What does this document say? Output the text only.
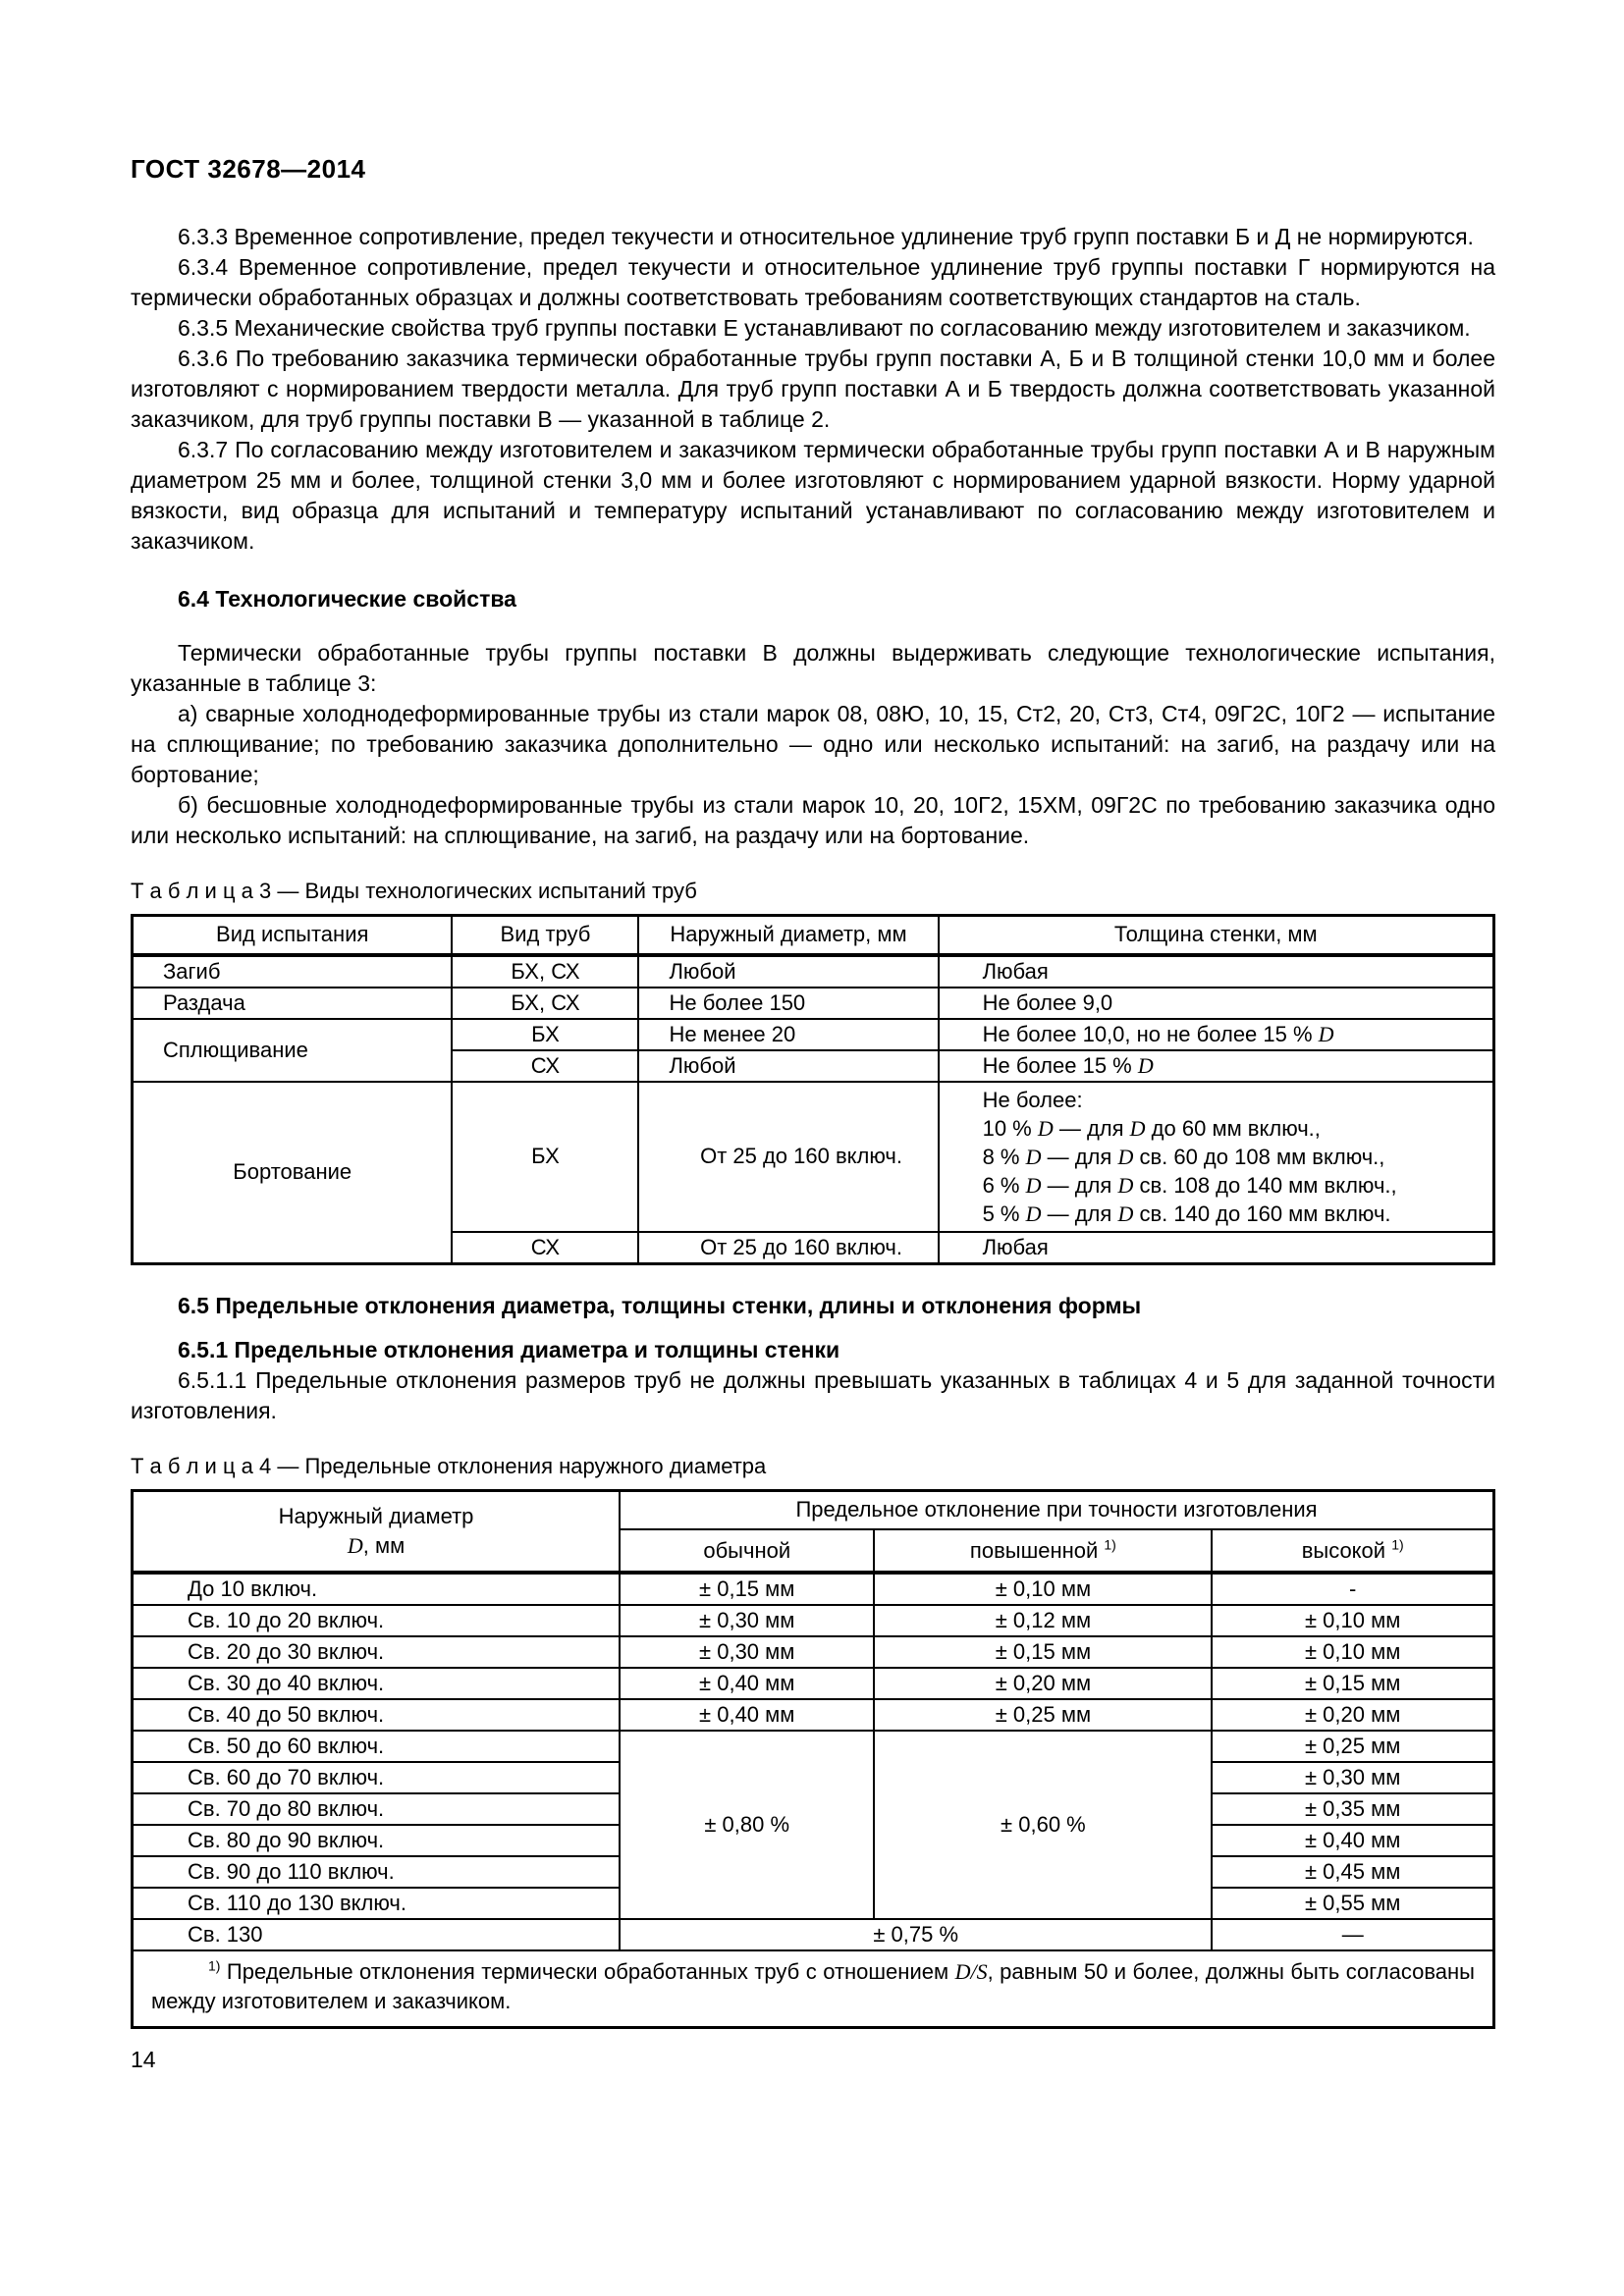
ГОСТ 32678—2014

6.3.3 Временное сопротивление, предел текучести и относительное удлинение труб групп поставки Б и Д не нормируются.

6.3.4 Временное сопротивление, предел текучести и относительное удлинение труб группы поставки Г нормируются на термически обработанных образцах и должны соответствовать требованиям соответствующих стандартов на сталь.

6.3.5 Механические свойства труб группы поставки Е устанавливают по согласованию между изготовителем и заказчиком.

6.3.6 По требованию заказчика термически обработанные трубы групп поставки А, Б и В толщиной стенки 10,0 мм и более изготовляют с нормированием твердости металла. Для труб групп поставки А и Б твердость должна соответствовать указанной заказчиком, для труб группы поставки В — указанной в таблице 2.

6.3.7 По согласованию между изготовителем и заказчиком термически обработанные трубы групп поставки А и В наружным диаметром 25 мм и более, толщиной стенки 3,0 мм и более изготовляют с нормированием ударной вязкости. Норму ударной вязкости, вид образца для испытаний и температуру испытаний устанавливают по согласованию между изготовителем и заказчиком.

6.4 Технологические свойства

Термически обработанные трубы группы поставки В должны выдерживать следующие технологические испытания, указанные в таблице 3:

а) сварные холоднодеформированные трубы из стали марок 08, 08Ю, 10, 15, Ст2, 20, Ст3, Ст4, 09Г2С, 10Г2 — испытание на сплющивание; по требованию заказчика дополнительно — одно или несколько испытаний: на загиб, на раздачу или на бортование;

б) бесшовные холоднодеформированные трубы из стали марок 10, 20, 10Г2, 15ХМ, 09Г2С по требованию заказчика одно или несколько испытаний: на сплющивание, на загиб, на раздачу или на бортование.

Т а б л и ц а 3 — Виды технологических испытаний труб
Вид испытания	Вид труб	Наружный диаметр, мм	Толщина стенки, мм
Загиб	БХ, СХ	Любой	Любая
Раздача	БХ, СХ	Не более 150	Не более 9,0
Сплющивание	БХ	Не менее 20	Не более 10,0, но не более 15 % D
	СХ	Любой	Не более 15 % D
Бортование	БХ	От 25 до 160 включ.	Не более:
10 % D — для D до 60 мм включ.,
8 % D — для D св. 60 до 108 мм включ.,
6 % D — для D св. 108 до 140 мм включ.,
5 % D — для D св. 140 до 160 мм включ.
	СХ	От 25 до 160 включ.	Любая
6.5 Предельные отклонения диаметра, толщины стенки, длины и отклонения формы
6.5.1 Предельные отклонения диаметра и толщины стенки

6.5.1.1 Предельные отклонения размеров труб не должны превышать указанных в таблицах 4 и 5 для заданной точности изготовления.

Т а б л и ц а 4 — Предельные отклонения наружного диаметра
Наружный диаметр
D, мм	Предельное отклонение при точности изготовления		
	обычной	повышенной $^{1)}$	высокой $^{1)}$
До 10 включ.	± 0,15 мм	± 0,10 мм	-
Св. 10 до 20 включ.	± 0,30 мм	± 0,12 мм	± 0,10 мм
Св. 20 до 30 включ.	± 0,30 мм	± 0,15 мм	± 0,10 мм
Св. 30 до 40 включ.	± 0,40 мм	± 0,20 мм	± 0,15 мм
Св. 40 до 50 включ.	± 0,40 мм	± 0,25 мм	± 0,20 мм
Св. 50 до 60 включ.	± 0,80 %	± 0,60 %	± 0,25 мм
Св. 60 до 70 включ.			± 0,30 мм
Св. 70 до 80 включ.			± 0,35 мм
Св. 80 до 90 включ.			± 0,40 мм
Св. 90 до 110 включ.			± 0,45 мм
Св. 110 до 130 включ.			± 0,55 мм
Св. 130	± 0,75 %		—
$^{1)}$ Предельные отклонения термически обработанных труб с отношением D/S, равным 50 и более, должны быть согласованы между изготовителем и заказчиком.			
14
